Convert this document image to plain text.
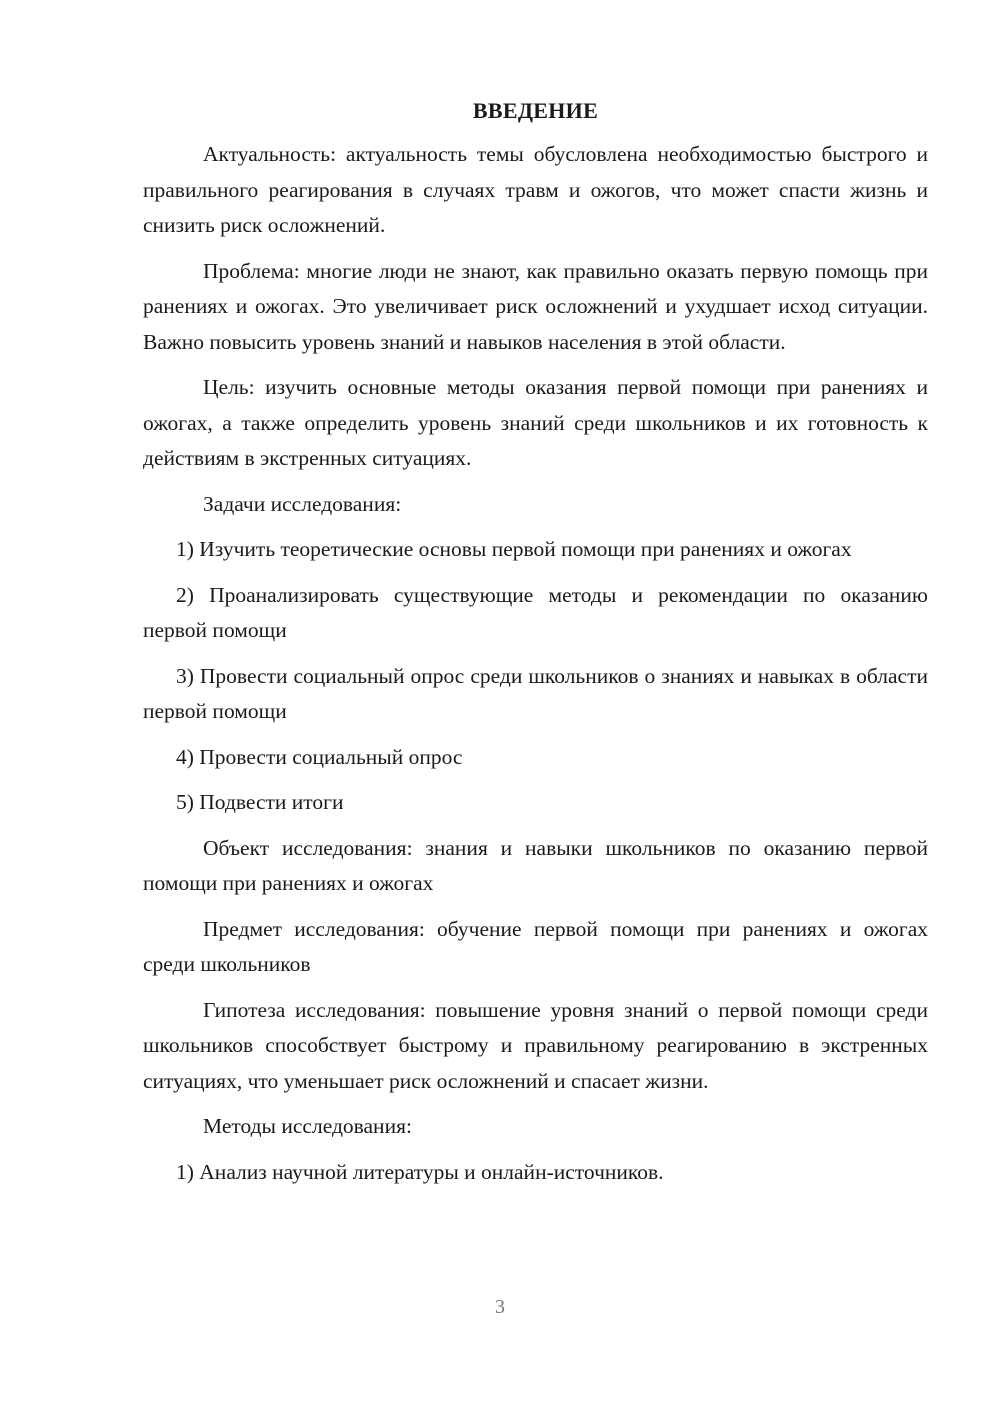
ВВЕДЕНИЕ

Актуальность: актуальность темы обусловлена необходимостью быстрого и правильного реагирования в случаях травм и ожогов, что может спасти жизнь и снизить риск осложнений.

Проблема: многие люди не знают, как правильно оказать первую помощь при ранениях и ожогах. Это увеличивает риск осложнений и ухудшает исход ситуации. Важно повысить уровень знаний и навыков населения в этой области.

Цель: изучить основные методы оказания первой помощи при ранениях и ожогах, а также определить уровень знаний среди школьников и их готовность к действиям в экстренных ситуациях.

Задачи исследования:

1) Изучить теоретические основы первой помощи при ранениях и ожогах

2) Проанализировать существующие методы и рекомендации по оказанию первой помощи

3) Провести социальный опрос среди школьников о знаниях и навыках в области первой помощи

4) Провести социальный опрос

5) Подвести итоги

Объект исследования: знания и навыки школьников по оказанию первой помощи при ранениях и ожогах

Предмет исследования: обучение первой помощи при ранениях и ожогах среди школьников

Гипотеза исследования: повышение уровня знаний о первой помощи среди школьников способствует быстрому и правильному реагированию в экстренных ситуациях, что уменьшает риск осложнений и спасает жизни.

Методы исследования:

1) Анализ научной литературы и онлайн-источников.

3
